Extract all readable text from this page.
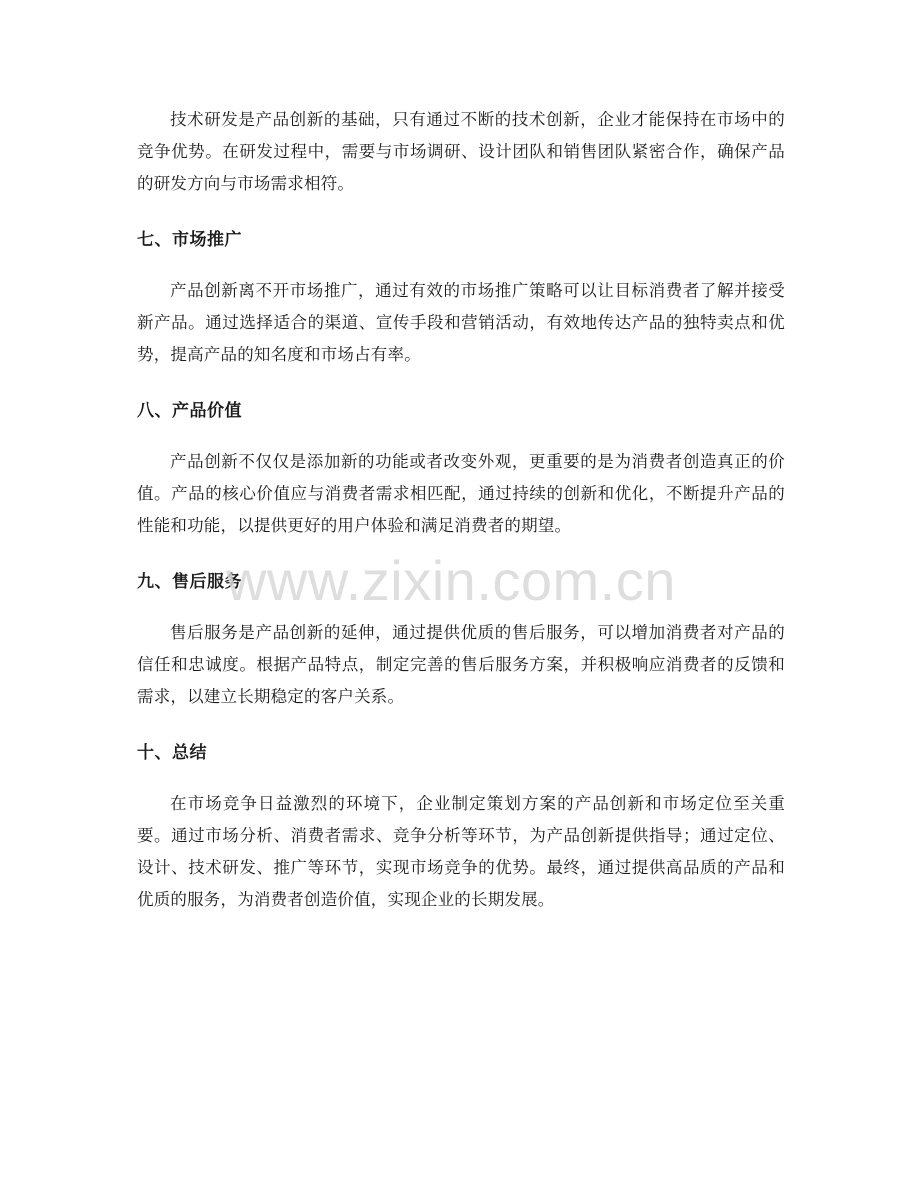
技术研发是产品创新的基础，只有通过不断的技术创新，企业才能保持在市场中的竞争优势。在研发过程中，需要与市场调研、设计团队和销售团队紧密合作，确保产品的研发方向与市场需求相符。

七、市场推广

产品创新离不开市场推广，通过有效的市场推广策略可以让目标消费者了解并接受新产品。通过选择适合的渠道、宣传手段和营销活动，有效地传达产品的独特卖点和优势，提高产品的知名度和市场占有率。

八、产品价值

产品创新不仅仅是添加新的功能或者改变外观，更重要的是为消费者创造真正的价值。产品的核心价值应与消费者需求相匹配，通过持续的创新和优化，不断提升产品的性能和功能，以提供更好的用户体验和满足消费者的期望。

九、售后服务

售后服务是产品创新的延伸，通过提供优质的售后服务，可以增加消费者对产品的信任和忠诚度。根据产品特点，制定完善的售后服务方案，并积极响应消费者的反馈和需求，以建立长期稳定的客户关系。

十、总结

在市场竞争日益激烈的环境下，企业制定策划方案的产品创新和市场定位至关重要。通过市场分析、消费者需求、竞争分析等环节，为产品创新提供指导；通过定位、设计、技术研发、推广等环节，实现市场竞争的优势。最终，通过提供高品质的产品和优质的服务，为消费者创造价值，实现企业的长期发展。

www.zixin.com.cn
